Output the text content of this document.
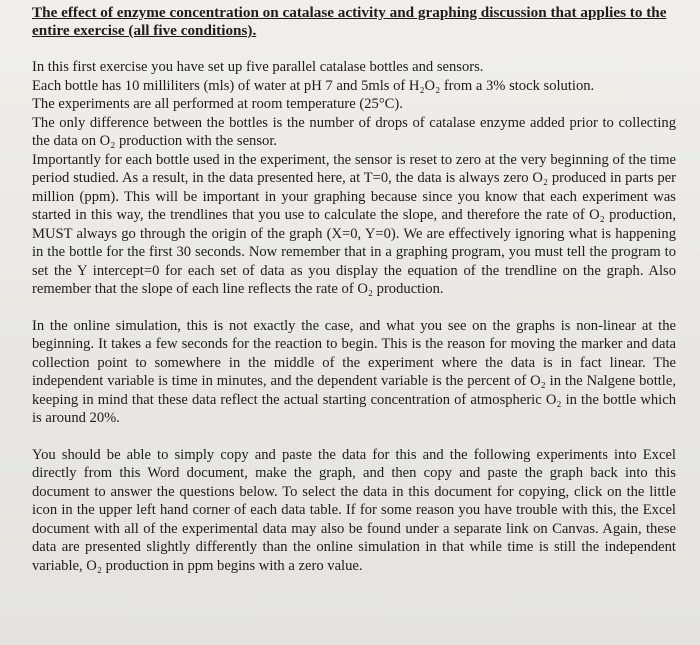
The effect of enzyme concentration on catalase activity and graphing discussion that applies to the entire exercise (all five conditions).
In this first exercise you have set up five parallel catalase bottles and sensors.
Each bottle has 10 milliliters (mls) of water at pH 7 and 5mls of H₂O₂ from a 3% stock solution.
The experiments are all performed at room temperature (25°C).
The only difference between the bottles is the number of drops of catalase enzyme added prior to collecting the data on O₂ production with the sensor.
Importantly for each bottle used in the experiment, the sensor is reset to zero at the very beginning of the time period studied. As a result, in the data presented here, at T=0, the data is always zero O₂ produced in parts per million (ppm). This will be important in your graphing because since you know that each experiment was started in this way, the trendlines that you use to calculate the slope, and therefore the rate of O₂ production, MUST always go through the origin of the graph (X=0, Y=0). We are effectively ignoring what is happening in the bottle for the first 30 seconds. Now remember that in a graphing program, you must tell the program to set the Y intercept=0 for each set of data as you display the equation of the trendline on the graph. Also remember that the slope of each line reflects the rate of O₂ production.
In the online simulation, this is not exactly the case, and what you see on the graphs is non-linear at the beginning. It takes a few seconds for the reaction to begin. This is the reason for moving the marker and data collection point to somewhere in the middle of the experiment where the data is in fact linear. The independent variable is time in minutes, and the dependent variable is the percent of O₂ in the Nalgene bottle, keeping in mind that these data reflect the actual starting concentration of atmospheric O₂ in the bottle which is around 20%.
You should be able to simply copy and paste the data for this and the following experiments into Excel directly from this Word document, make the graph, and then copy and paste the graph back into this document to answer the questions below. To select the data in this document for copying, click on the little icon in the upper left hand corner of each data table. If for some reason you have trouble with this, the Excel document with all of the experimental data may also be found under a separate link on Canvas. Again, these data are presented slightly differently than the online simulation in that while time is still the independent variable, O₂ production in ppm begins with a zero value.
